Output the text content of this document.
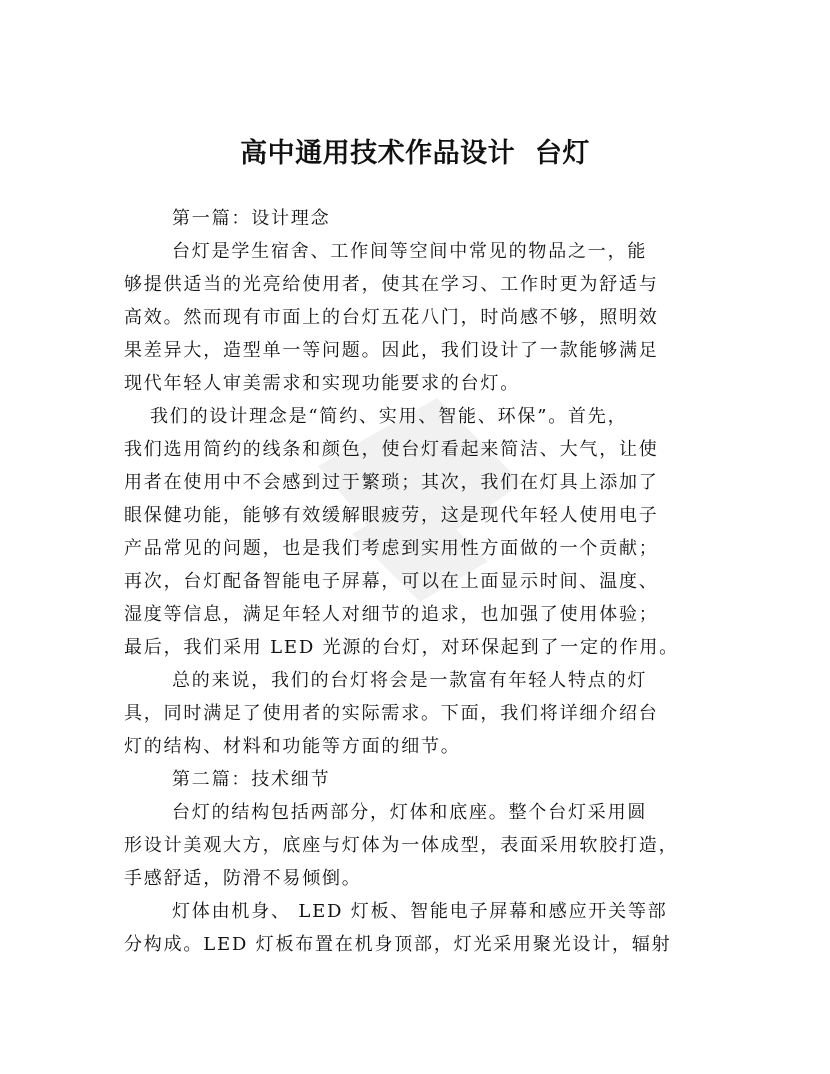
高中通用技术作品设计  台灯
第一篇：设计理念
台灯是学生宿舍、工作间等空间中常见的物品之一，能
够提供适当的光亮给使用者，使其在学习、工作时更为舒适与
高效。然而现有市面上的台灯五花八门，时尚感不够，照明效
果差异大，造型单一等问题。因此，我们设计了一款能够满足
现代年轻人审美需求和实现功能要求的台灯。
我们的设计理念是“简约、实用、智能、环保”。首先，
我们选用简约的线条和颜色，使台灯看起来简洁、大气，让使
用者在使用中不会感到过于繁琐；其次，我们在灯具上添加了
眼保健功能，能够有效缓解眼疲劳，这是现代年轻人使用电子
产品常见的问题，也是我们考虑到实用性方面做的一个贡献；
再次，台灯配备智能电子屏幕，可以在上面显示时间、温度、
湿度等信息，满足年轻人对细节的追求，也加强了使用体验；
最后，我们采用 LED 光源的台灯，对环保起到了一定的作用。
总的来说，我们的台灯将会是一款富有年轻人特点的灯
具，同时满足了使用者的实际需求。下面，我们将详细介绍台
灯的结构、材料和功能等方面的细节。
第二篇：技术细节
台灯的结构包括两部分，灯体和底座。整个台灯采用圆
形设计美观大方，底座与灯体为一体成型，表面采用软胶打造，
手感舒适，防滑不易倾倒。
灯体由机身、 LED 灯板、智能电子屏幕和感应开关等部
分构成。LED 灯板布置在机身顶部，灯光采用聚光设计，辐射
